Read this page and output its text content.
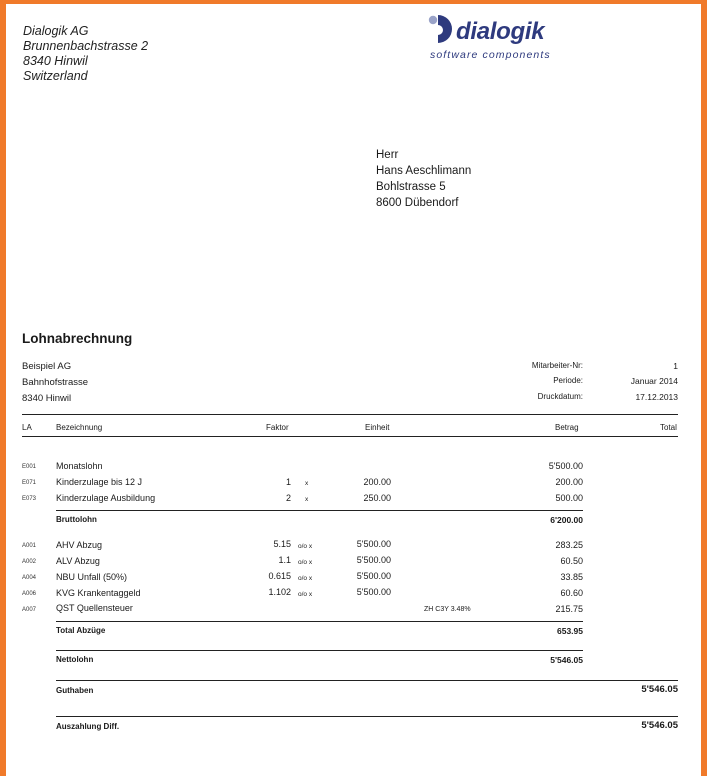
Dialogik AG
Brunnenbachstrasse 2
8340 Hinwil
Switzerland
dialogik
software components
Herr
Hans Aeschlimann
Bohlstrasse 5
8600 Dübendorf
Lohnabrechnung
Beispiel AG
Bahnhofstrasse
8340 Hinwil
Mitarbeiter-Nr:	1
Periode:	Januar 2014
Druckdatum:	17.12.2013
LA	Bezeichnung	Faktor	Einheit	Betrag	Total
E001 Monatslohn	5'500.00
E071 Kinderzulage bis 12 J	1 x	200.00	200.00
E073 Kinderzulage Ausbildung	2 x	250.00	500.00
Bruttolohn	6'200.00
A001 AHV Abzug	5.15 o/o x	5'500.00	283.25
A002 ALV Abzug	1.1 o/o x	5'500.00	60.50
A004 NBU Unfall (50%)	0.615 o/o x	5'500.00	33.85
A006 KVG Krankentaggeld	1.102 o/o x	5'500.00	60.60
A007 QST Quellensteuer	ZH C3Y 3.48%	215.75
Total Abzüge	653.95
Nettolohn	5'546.05
Guthaben	5'546.05
Auszahlung Diff.	5'546.05
